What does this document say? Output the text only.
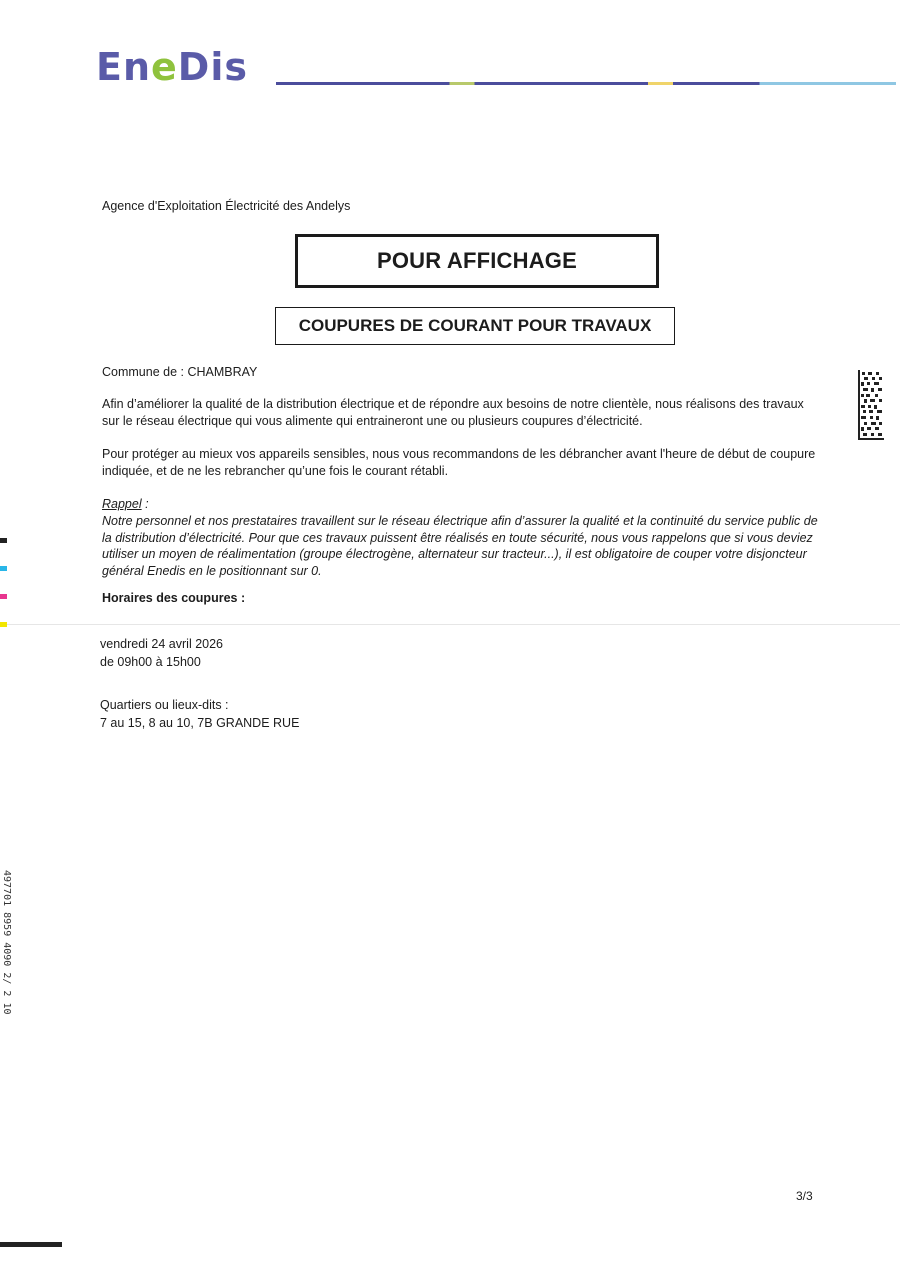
EneDis
Agence d'Exploitation Électricité des Andelys
POUR AFFICHAGE
COUPURES DE COURANT POUR TRAVAUX
Commune de : CHAMBRAY
Afin d’améliorer la qualité de la distribution électrique et de répondre aux besoins de notre clientèle, nous réalisons des travaux sur le réseau électrique qui vous alimente qui entraineront une ou plusieurs coupures d’électricité.
Pour protéger au mieux vos appareils sensibles, nous vous recommandons de les débrancher avant l'heure de début de coupure indiquée, et de ne les rebrancher qu’une fois le courant rétabli.
Rappel :
Notre personnel et nos prestataires travaillent sur le réseau électrique afin d’assurer la qualité et la continuité du service public de la distribution d’électricité. Pour que ces travaux puissent être réalisés en toute sécurité, nous vous rappelons que si vous deviez utiliser un moyen de réalimentation (groupe électrogène, alternateur sur tracteur...), il est obligatoire de couper votre disjoncteur général Enedis en le positionnant sur 0.
Horaires des coupures :
vendredi 24 avril 2026
de 09h00 à 15h00
Quartiers ou lieux-dits :
7 au 15, 8 au 10, 7B GRANDE RUE
3/3
497701 8959 4090 2/ 2 10
